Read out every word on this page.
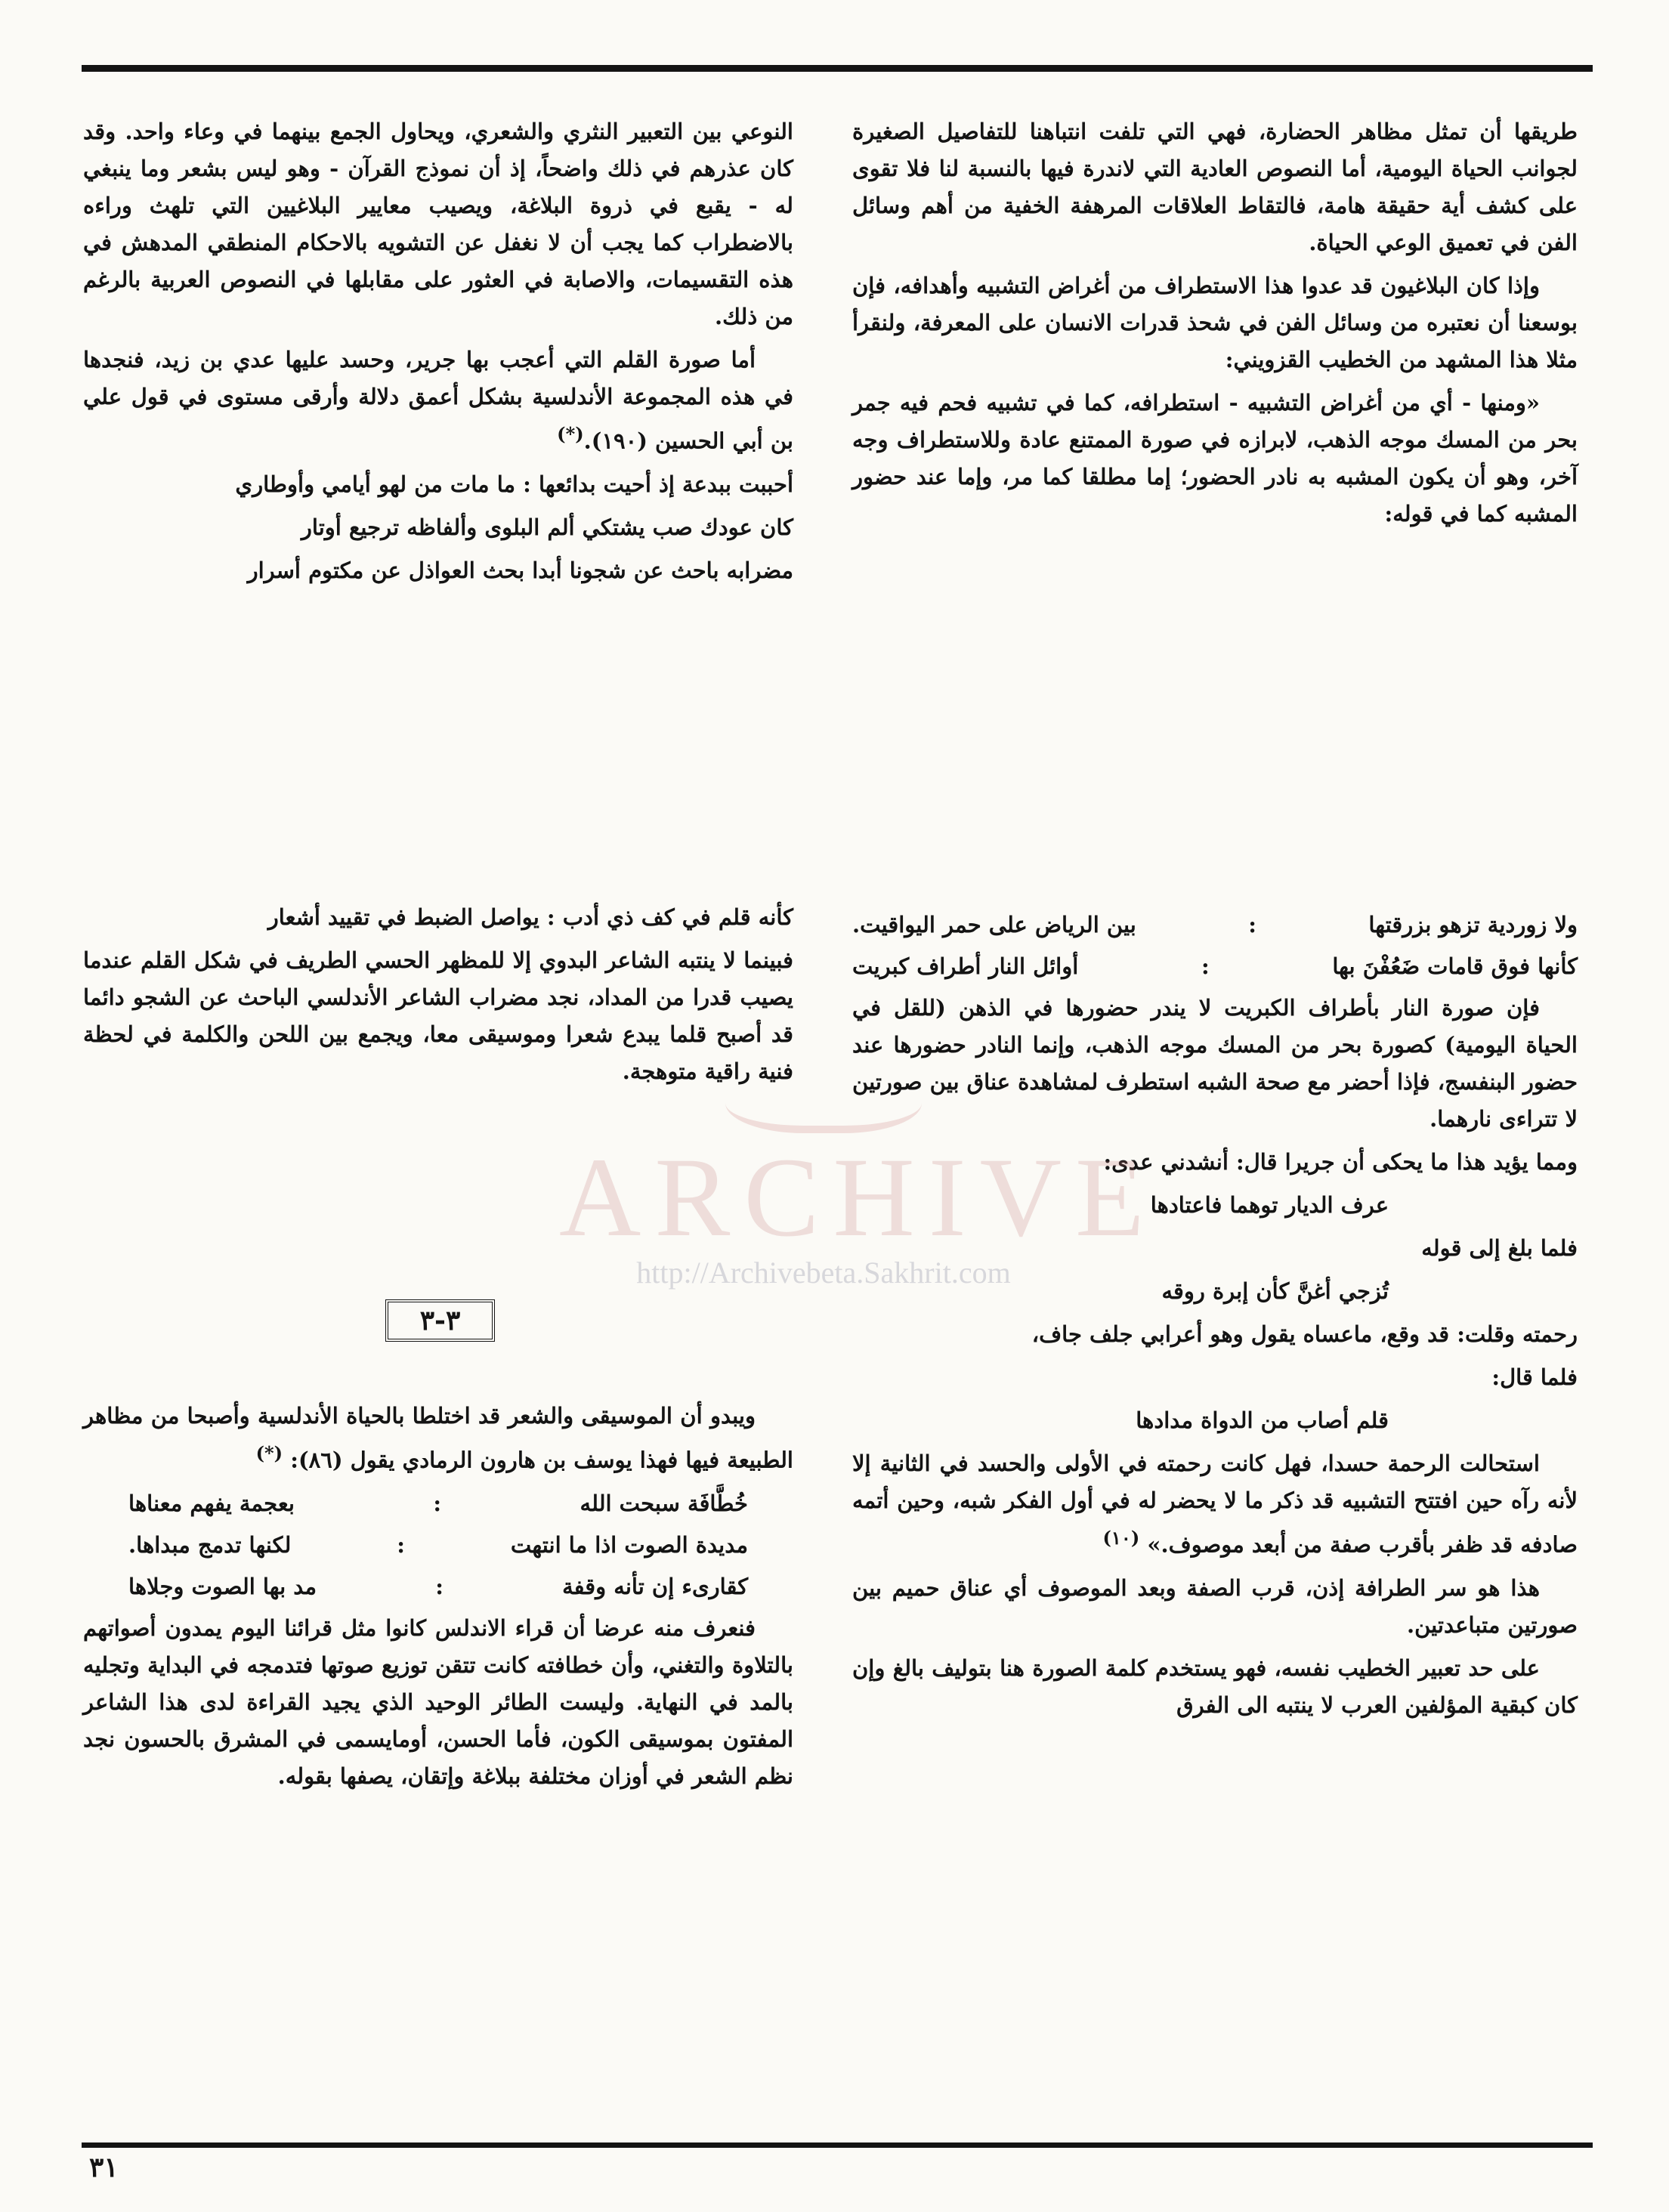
طريقها أن تمثل مظاهر الحضارة، فهي التي تلفت انتباهنا للتفاصيل الصغيرة لجوانب الحياة اليومية، أما النصوص العادية التي لاندرة فيها بالنسبة لنا فلا تقوى على كشف أية حقيقة هامة، فالتقاط العلاقات المرهفة الخفية من أهم وسائل الفن في تعميق الوعي الحياة.

وإذا كان البلاغيون قد عدوا هذا الاستطراف من أغراض التشبيه وأهدافه، فإن بوسعنا أن نعتبره من وسائل الفن في شحذ قدرات الانسان على المعرفة، ولنقرأ مثلا هذا المشهد من الخطيب القزويني:

«ومنها - أي من أغراض التشبيه - استطرافه، كما في تشبيه فحم فيه جمر بحر من المسك موجه الذهب، لابرازه في صورة الممتنع عادة وللاستطراف وجه آخر، وهو أن يكون المشبه به نادر الحضور؛ إما مطلقا كما مر، وإما عند حضور المشبه كما في قوله:

ولا زوردية تزهو بزرقتها
:
بين الرياض على حمر اليواقيت.
كأنها فوق قامات ضَعُفْنَ بها
:
أوائل النار أطراف كبريت

فإن صورة النار بأطراف الكبريت لا يندر حضورها في الذهن (للقل في الحياة اليومية) كصورة بحر من المسك موجه الذهب، وإنما النادر حضورها عند حضور البنفسج، فإذا أحضر مع صحة الشبه استطرف لمشاهدة عناق بين صورتين لا تتراءى نارهما.

ومما يؤيد هذا ما يحكى أن جريرا قال: أنشدني عدى:

عرف الديار توهما فاعتادها

فلما بلغ إلى قوله

تُزجي أغنَّ كأن إبرة روقه

رحمته وقلت: قد وقع، ماعساه يقول وهو أعرابي جلف جاف،

فلما قال:

قلم أصاب من الدواة مدادها

استحالت الرحمة حسدا، فهل كانت رحمته في الأولى والحسد في الثانية إلا لأنه رآه حين افتتح التشبيه قد ذكر ما لا يحضر له في أول الفكر شبه، وحين أتمه صادفه قد ظفر بأقرب صفة من أبعد موصوف.» $^{(١٠)}$

هذا هو سر الطرافة إذن، قرب الصفة وبعد الموصوف أي عناق حميم بين صورتين متباعدتين.

على حد تعبير الخطيب نفسه، فهو يستخدم كلمة الصورة هنا بتوليف بالغ وإن كان كبقية المؤلفين العرب لا ينتبه الى الفرق

النوعي بين التعبير النثري والشعري، ويحاول الجمع بينهما في وعاء واحد. وقد كان عذرهم في ذلك واضحاً، إذ أن نموذج القرآن - وهو ليس بشعر وما ينبغي له - يقبع في ذروة البلاغة، ويصيب معايير البلاغيين التي تلهث وراءه بالاضطراب كما يجب أن لا نغفل عن التشويه بالاحكام المنطقي المدهش في هذه التقسيمات، والاصابة في العثور على مقابلها في النصوص العربية بالرغم من ذلك.

أما صورة القلم التي أعجب بها جرير، وحسد عليها عدي بن زيد، فنجدها في هذه المجموعة الأندلسية بشكل أعمق دلالة وأرقى مستوى في قول علي بن أبي الحسين (١٩٠).(*)

أحببت ببدعة إذ أحيت بدائعها : ما مات من لهو أيامي وأوطاري

كان عودك صب يشتكي ألم البلوى وألفاظه ترجيع أوتار

مضرابه باحث عن شجونا أبدا بحث العواذل عن مكتوم أسرار

كأنه قلم في كف ذي أدب : يواصل الضبط في تقييد أشعار

فبينما لا ينتبه الشاعر البدوي إلا للمظهر الحسي الطريف في شكل القلم عندما يصيب قدرا من المداد، نجد مضراب الشاعر الأندلسي الباحث عن الشجو دائما قد أصبح قلما يبدع شعرا وموسيقى معا، ويجمع بين اللحن والكلمة في لحظة فنية راقية متوهجة.

٣-٣

ويبدو أن الموسيقى والشعر قد اختلطا بالحياة الأندلسية وأصبحا من مظاهر الطبيعة فيها فهذا يوسف بن هارون الرمادي يقول (٨٦): (*)

خُطَّافَة سبحت الله
:
بعجمة يفهم معناها
مديدة الصوت اذا ما انتهت
:
لكنها تدمج مبداها.
كقارىء إن تأنه وقفة
:
مد بها الصوت وجلاها

فنعرف منه عرضا أن قراء الاندلس كانوا مثل قرائنا اليوم يمدون أصواتهم بالتلاوة والتغني، وأن خطافته كانت تتقن توزيع صوتها فتدمجه في البداية وتجليه بالمد في النهاية. وليست الطائر الوحيد الذي يجيد القراءة لدى هذا الشاعر المفتون بموسيقى الكون، فأما الحسن، أومايسمى في المشرق بالحسون نجد نظم الشعر في أوزان مختلفة ببلاغة وإتقان، يصفها بقوله.

ARCHIVE
http://Archivebeta.Sakhrit.com
٣١
